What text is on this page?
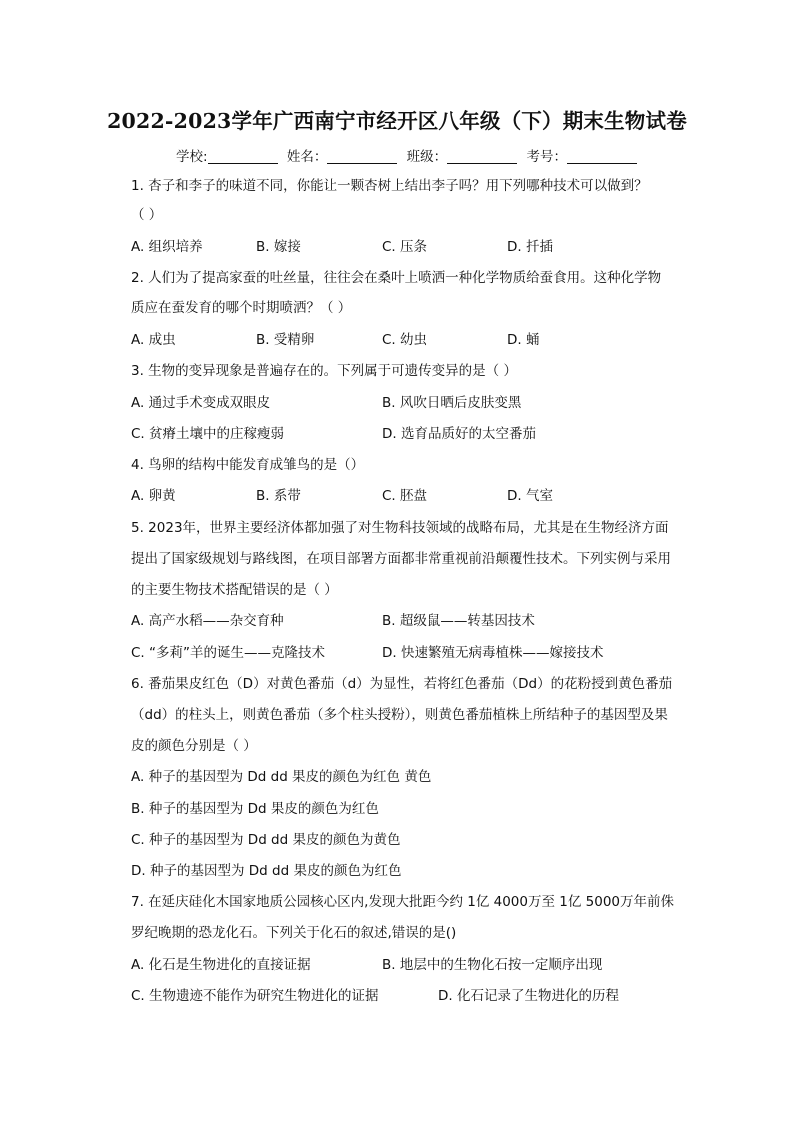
2022-2023学年广西南宁市经开区八年级（下）期末生物试卷
学校:	姓名：	班级：	考号：
1. 杏子和李子的味道不同，你能让一颗杏树上结出李子吗？用下列哪种技术可以做到？
（ ）
A. 组织培养	B. 嫁接	C. 压条	D. 扦插
2. 人们为了提高家蚕的吐丝量，往往会在桑叶上喷洒一种化学物质给蚕食用。这种化学物
质应在蚕发育的哪个时期喷洒？（ ）
A. 成虫	B. 受精卵	C. 幼虫	D. 蛹
3. 生物的变异现象是普遍存在的。下列属于可遗传变异的是（ ）
A. 通过手术变成双眼皮	B. 风吹日晒后皮肤变黑
C. 贫瘠土壤中的庄稼瘦弱	D. 选育品质好的太空番茄
4. 鸟卵的结构中能发育成雏鸟的是（）
A. 卵黄	B. 系带	C. 胚盘	D. 气室
5. 2023年，世界主要经济体都加强了对生物科技领域的战略布局，尤其是在生物经济方面
提出了国家级规划与路线图，在项目部署方面都非常重视前沿颠覆性技术。下列实例与采用
的主要生物技术搭配错误的是（ ）
A. 高产水稻——杂交育种	B. 超级鼠——转基因技术
C. “多莉”羊的诞生——克隆技术	D. 快速繁殖无病毒植株——嫁接技术
6. 番茄果皮红色（D）对黄色番茄（d）为显性，若将红色番茄（Dd）的花粉授到黄色番茄
（dd）的柱头上，则黄色番茄（多个柱头授粉），则黄色番茄植株上所结种子的基因型及果
皮的颜色分别是（ ）
A. 种子的基因型为 Dd dd 果皮的颜色为红色 黄色
B. 种子的基因型为 Dd 果皮的颜色为红色
C. 种子的基因型为 Dd dd 果皮的颜色为黄色
D. 种子的基因型为 Dd dd 果皮的颜色为红色
7. 在延庆硅化木国家地质公园核心区内,发现大批距今约 1亿 4000万至 1亿 5000万年前侏
罗纪晚期的恐龙化石。下列关于化石的叙述,错误的是()
A. 化石是生物进化的直接证据	B. 地层中的生物化石按一定顺序出现
C. 生物遗迹不能作为研究生物进化的证据	D. 化石记录了生物进化的历程
